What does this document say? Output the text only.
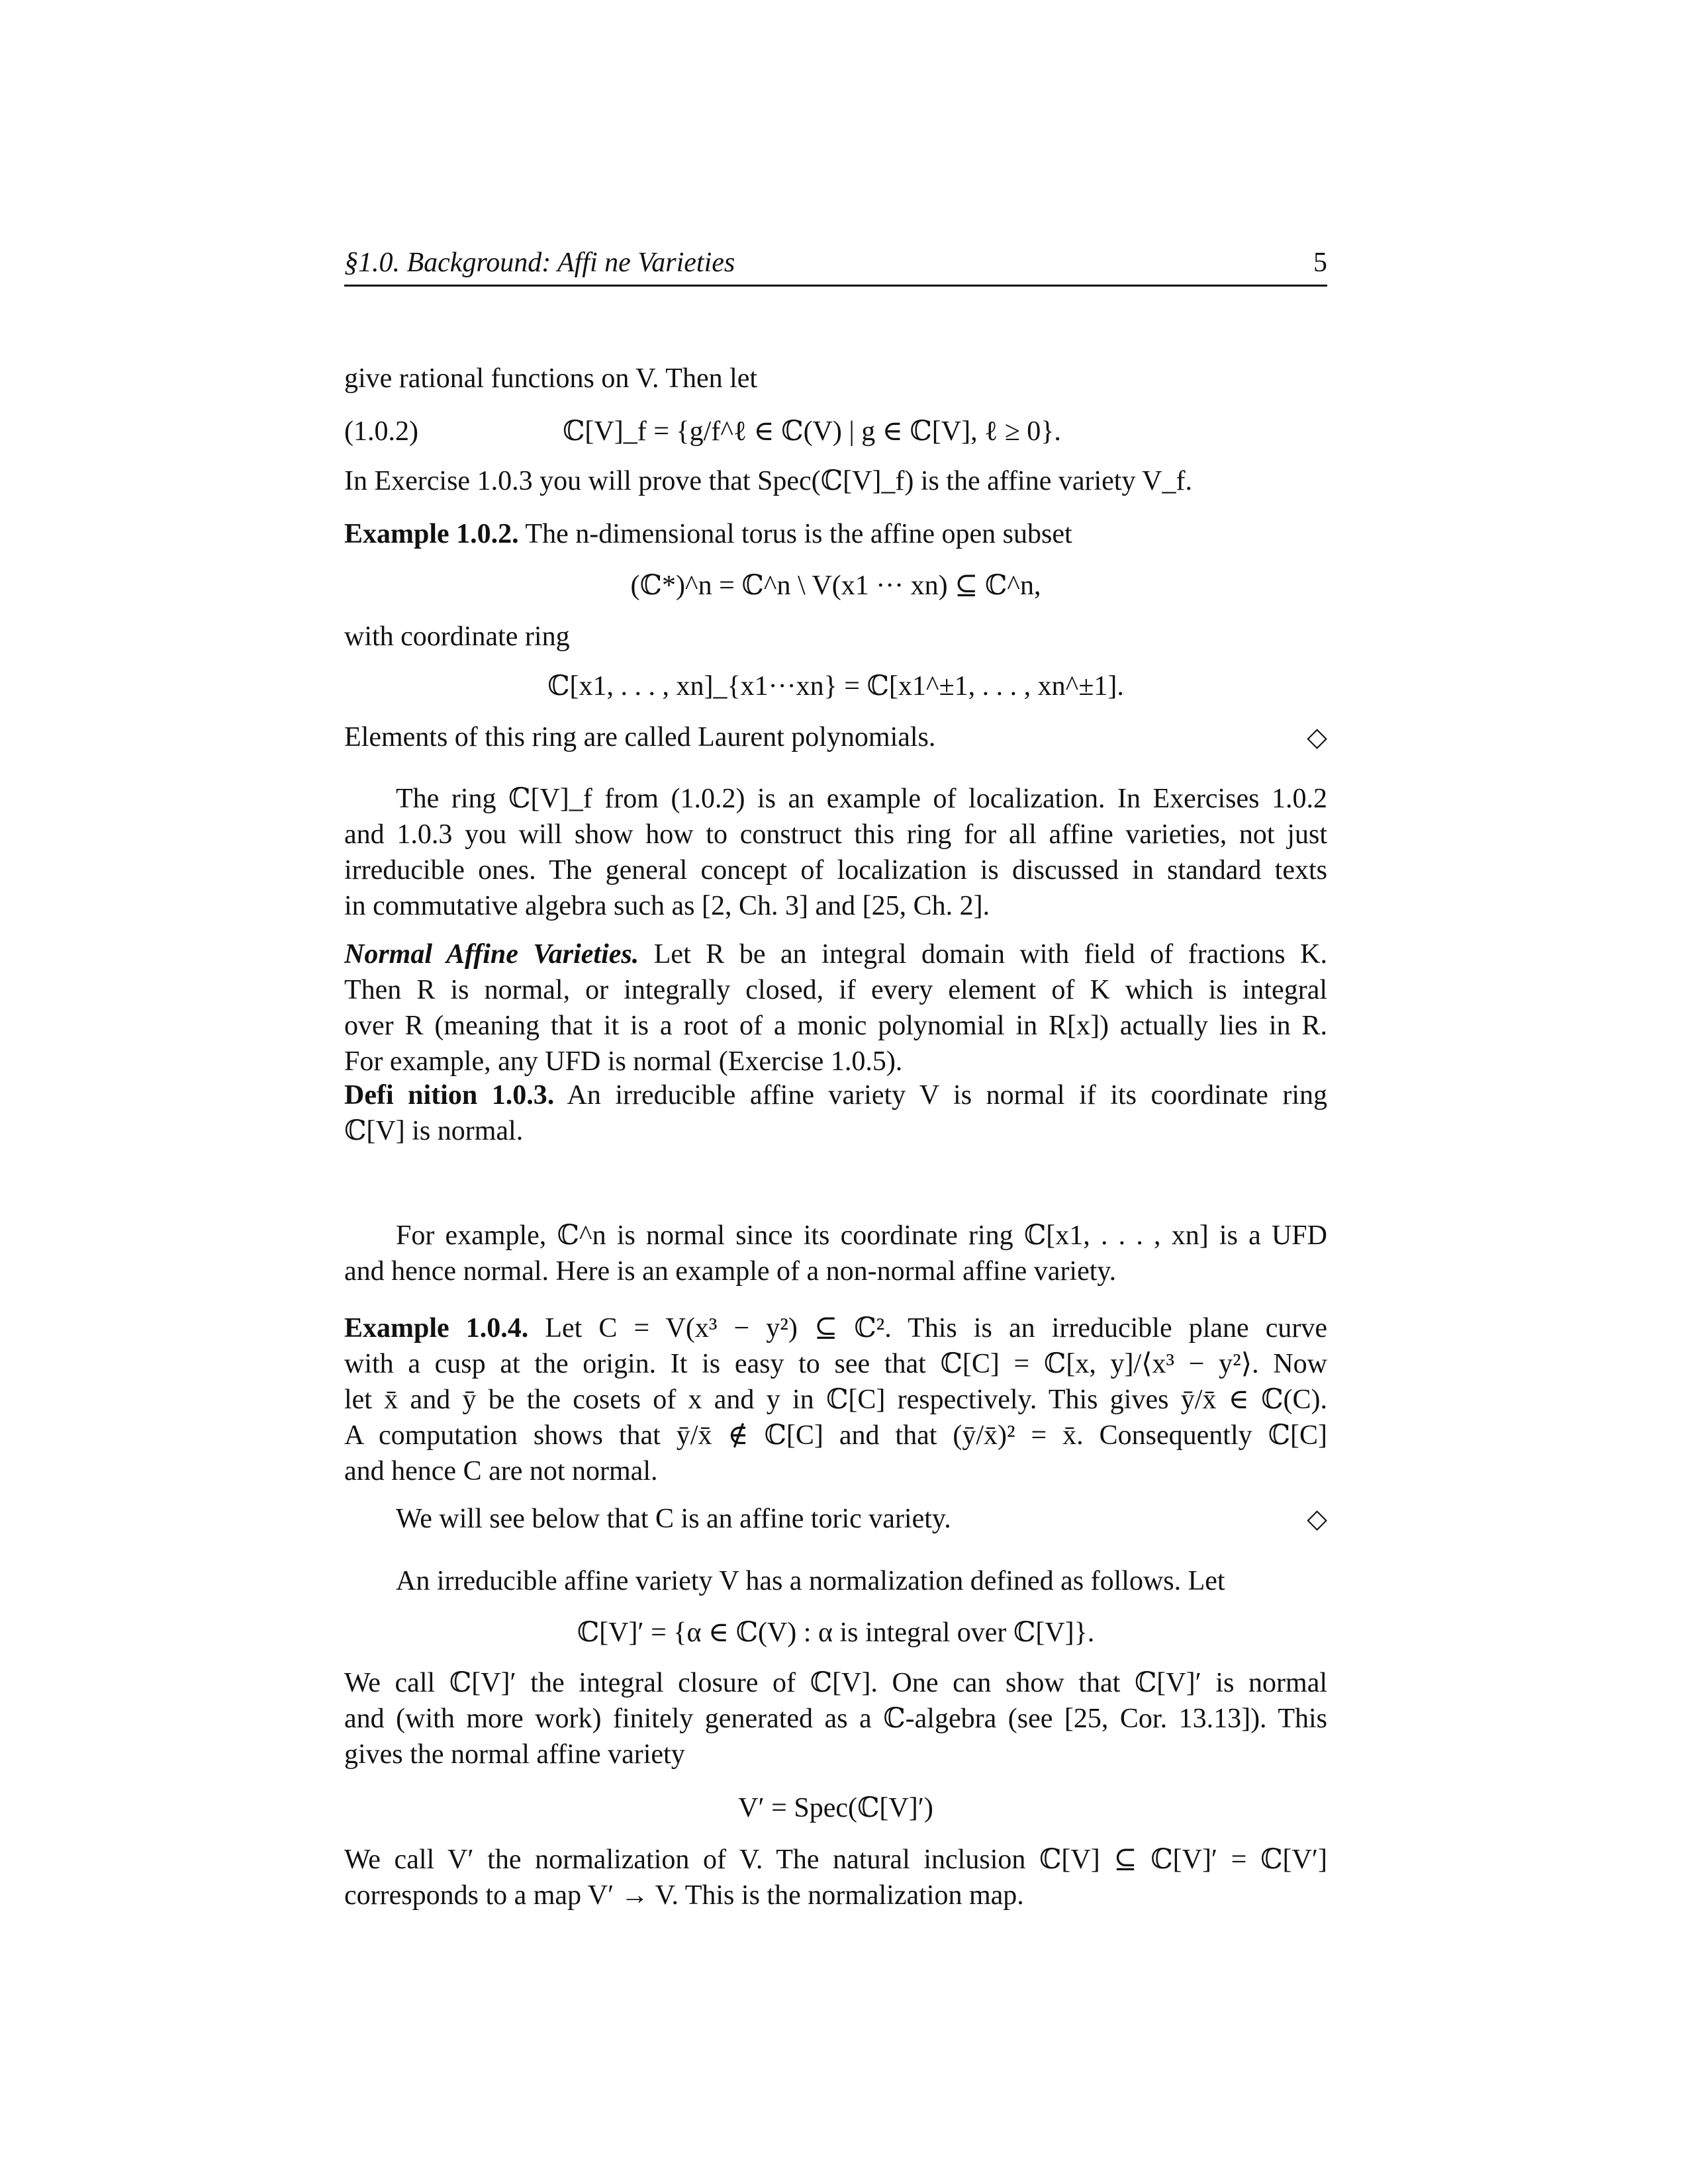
§1.0. Background: Affi ne Varieties	5
give rational functions on V. Then let
(1.0.2)	ℂ[V]_f = {g/f^ℓ ∈ ℂ(V) | g ∈ ℂ[V], ℓ ≥ 0}.
In Exercise 1.0.3 you will prove that Spec(ℂ[V]_f) is the affine variety V_f.
Example 1.0.2. The n-dimensional torus is the affine open subset
(ℂ*)^n = ℂ^n \ V(x1 ··· xn) ⊆ ℂ^n,
with coordinate ring
ℂ[x1, . . . , xn]_{x1···xn} = ℂ[x1^±1, . . . , xn^±1].
Elements of this ring are called Laurent polynomials.	◇
The ring ℂ[V]_f from (1.0.2) is an example of localization. In Exercises 1.0.2
and 1.0.3 you will show how to construct this ring for all affine varieties, not just
irreducible ones. The general concept of localization is discussed in standard texts
in commutative algebra such as [2, Ch. 3] and [25, Ch. 2].
Normal Affine Varieties. Let R be an integral domain with field of fractions K.
Then R is normal, or integrally closed, if every element of K which is integral
over R (meaning that it is a root of a monic polynomial in R[x]) actually lies in R.
For example, any UFD is normal (Exercise 1.0.5).
Defi nition 1.0.3. An irreducible affine variety V is normal if its coordinate ring
ℂ[V] is normal.
For example, ℂ^n is normal since its coordinate ring ℂ[x1, . . . , xn] is a UFD
and hence normal. Here is an example of a non-normal affine variety.
Example 1.0.4. Let C = V(x³ − y²) ⊆ ℂ². This is an irreducible plane curve
with a cusp at the origin. It is easy to see that ℂ[C] = ℂ[x, y]/⟨x³ − y²⟩. Now
let x̄ and ȳ be the cosets of x and y in ℂ[C] respectively. This gives ȳ/x̄ ∈ ℂ(C).
A computation shows that ȳ/x̄ ∉ ℂ[C] and that (ȳ/x̄)² = x̄. Consequently ℂ[C]
and hence C are not normal.
We will see below that C is an affine toric variety.	◇
An irreducible affine variety V has a normalization defined as follows. Let
ℂ[V]′ = {α ∈ ℂ(V) : α is integral over ℂ[V]}.
We call ℂ[V]′ the integral closure of ℂ[V]. One can show that ℂ[V]′ is normal
and (with more work) finitely generated as a ℂ-algebra (see [25, Cor. 13.13]). This
gives the normal affine variety
V′ = Spec(ℂ[V]′)
We call V′ the normalization of V. The natural inclusion ℂ[V] ⊆ ℂ[V]′ = ℂ[V′]
corresponds to a map V′ → V. This is the normalization map.
